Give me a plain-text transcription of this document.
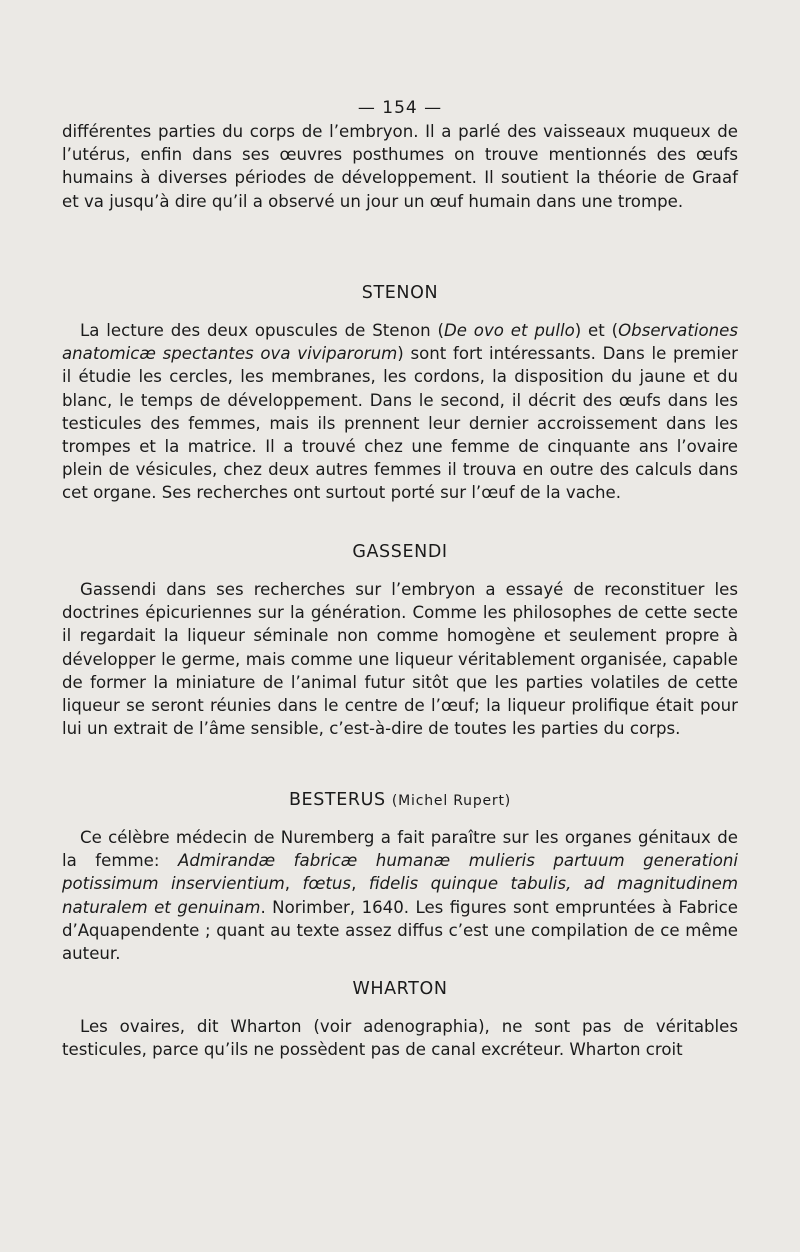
— 154 —

différentes parties du corps de l’embryon. Il a parlé des vaisseaux muqueux de l’utérus, enfin dans ses œuvres posthumes on trouve mentionnés des œufs humains à diverses périodes de développement. Il soutient la théorie de Graaf et va jusqu’à dire qu’il a observé un jour un œuf humain dans une trompe.

STENON

La lecture des deux opuscules de Stenon (De ovo et pullo) et (Observationes anatomicæ spectantes ova viviparorum) sont fort intéressants. Dans le premier il étudie les cercles, les membranes, les cordons, la disposition du jaune et du blanc, le temps de développement. Dans le second, il décrit des œufs dans les testicules des femmes, mais ils prennent leur dernier accroissement dans les trompes et la matrice. Il a trouvé chez une femme de cinquante ans l’ovaire plein de vésicules, chez deux autres femmes il trouva en outre des calculs dans cet organe. Ses recherches ont surtout porté sur l’œuf de la vache.

GASSENDI

Gassendi dans ses recherches sur l’embryon a essayé de reconstituer les doctrines épicuriennes sur la génération. Comme les philosophes de cette secte il regardait la liqueur séminale non comme homogène et seulement propre à développer le germe, mais comme une liqueur véritablement organisée, capable de former la miniature de l’animal futur sitôt que les parties volatiles de cette liqueur se seront réunies dans le centre de l’œuf; la liqueur prolifique était pour lui un extrait de l’âme sensible, c’est-à-dire de toutes les parties du corps.

BESTERUS (Michel Rupert)

Ce célèbre médecin de Nuremberg a fait paraître sur les organes génitaux de la femme: Admirandæ fabricæ humanæ mulieris partuum generationi potissimum inservientium, fœtus, fidelis quinque tabulis, ad magnitudinem naturalem et genuinam. Norimber, 1640. Les figures sont empruntées à Fabrice d’Aquapendente ; quant au texte assez diffus c’est une compilation de ce même auteur.

WHARTON

Les ovaires, dit Wharton (voir adenographia), ne sont pas de véritables testicules, parce qu’ils ne possèdent pas de canal excréteur. Wharton croit
